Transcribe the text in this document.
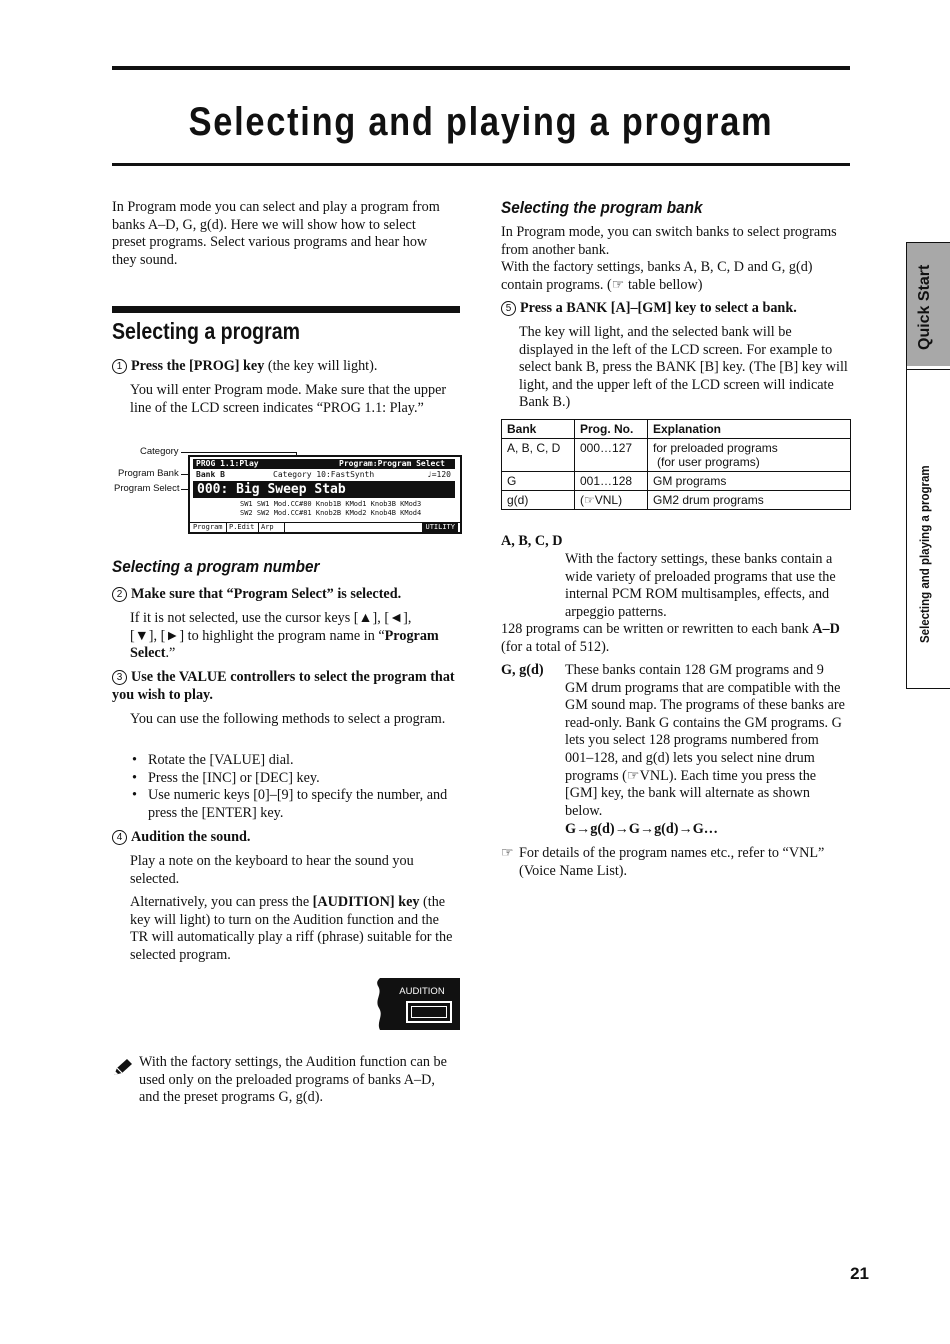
Selecting and playing a program
In Program mode you can select and play a program from banks A–D, G, g(d). Here we will show how to select preset programs. Select various programs and hear how they sound.
Selecting a program
1 Press the [PROG] key (the key will light).
You will enter Program mode. Make sure that the upper line of the LCD screen indicates “PROG 1.1: Play.”
Category
Program Bank
Program Select
PROG 1.1:Play	Program:Program Select
Bank B	Category 10:FastSynth	♩=120
000: Big Sweep Stab
SW1 SW1 Mod.CC#80 Knob1B KMod1 Knob3B KMod3
SW2 SW2 Mod.CC#81 Knob2B KMod2 Knob4B KMod4
Program P.Edit Arp	UTILITY
Selecting a program number
2 Make sure that “Program Select” is selected.
If it is not selected, use the cursor keys [▲], [◄], [▼], [►] to highlight the program name in “Program Select.”
3 Use the VALUE controllers to select the program that you wish to play.
You can use the following methods to select a program.
• Rotate the [VALUE] dial.
• Press the [INC] or [DEC] key.
• Use numeric keys [0]–[9] to specify the number, and press the [ENTER] key.
4 Audition the sound.
Play a note on the keyboard to hear the sound you selected.
Alternatively, you can press the [AUDITION] key (the key will light) to turn on the Audition function and the TR will automatically play a riff (phrase) suitable for the selected program.
AUDITION
With the factory settings, the Audition function can be used only on the preloaded programs of banks A–D, and the preset programs G, g(d).
Selecting the program bank
In Program mode, you can switch banks to select programs from another bank.
With the factory settings, banks A, B, C, D and G, g(d) contain programs. (☞ table bellow)
5 Press a BANK [A]–[GM] key to select a bank.
The key will light, and the selected bank will be displayed in the left of the LCD screen. For example to select bank B, press the BANK [B] key. (The [B] key will light, and the upper left of the LCD screen will indicate Bank B.)
Bank	Prog. No.	Explanation
A, B, C, D	000…127	for preloaded programs
(for user programs)

G	001…128	GM programs
g(d)	(☞VNL)	GM2 drum programs
A, B, C, D
With the factory settings, these banks contain a wide variety of preloaded programs that use the internal PCM ROM multisamples, effects, and arpeggio patterns.
128 programs can be written or rewritten to each bank A–D (for a total of 512).
G, g(d) These banks contain 128 GM programs and 9 GM drum programs that are compatible with the GM sound map. The programs of these banks are read-only. Bank G contains the GM programs. G lets you select 128 programs numbered from 001–128, and g(d) lets you select nine drum programs (☞VNL). Each time you press the [GM] key, the bank will alternate as shown below.
G→g(d)→G→g(d)→G…
☞ For details of the program names etc., refer to “VNL” (Voice Name List).
Quick Start
Selecting and playing a program
21
